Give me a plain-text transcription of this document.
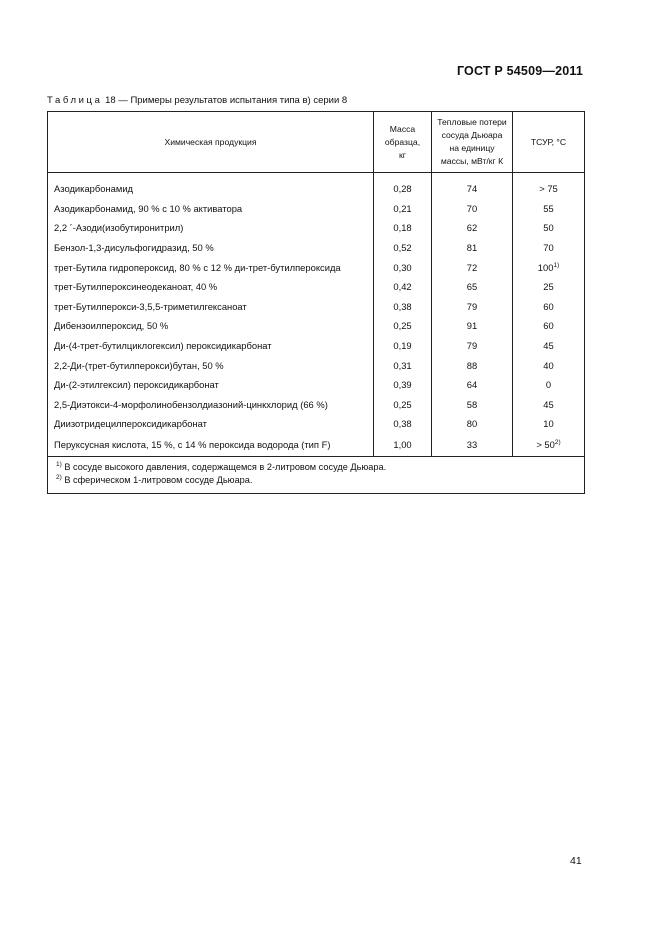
ГОСТ Р 54509—2011
Таблица 18 — Примеры результатов испытания типа в) серии 8
Химическая продукция	Масса образца, кг	Тепловые потери сосуда Дьюара на единицу массы, мВт/кг К	ТСУР, °С

Азодикарбонамид	0,28	74	> 75
Азодикарбонамид, 90 % с 10 % активатора	0,21	70	55
2,2 ´-Азоди(изобутиронитрил)	0,18	62	50
Бензол-1,3-дисульфогидразид, 50 %	0,52	81	70
трет-Бутила гидропероксид, 80 % с 12 % ди-трет-бутилпероксида	0,30	72	100$^{1)}$
трет-Бутилпероксинеодеканоат, 40 %	0,42	65	25
трет-Бутилперокси-3,5,5-триметилгексаноат	0,38	79	60
Дибензоилпероксид, 50 %	0,25	91	60
Ди-(4-трет-бутилциклогексил) пероксидикарбонат	0,19	79	45
2,2-Ди-(трет-бутилперокси)бутан, 50 %	0,31	88	40
Ди-(2-этилгексил) пероксидикарбонат	0,39	64	0
2,5-Диэтокси-4-морфолинобензолдиазоний-цинкхлорид (66 %)	0,25	58	45
Диизотридецилпероксидикарбонат	0,38	80	10
Перуксусная кислота, 15 %, с 14 % пероксида водорода (тип F)	1,00	33	> $50^{2)}$

$^{1)}$ В сосуде высокого давления, содержащемся в 2-литровом сосуде Дьюара.
$^{2)}$ В сферическом 1-литровом сосуде Дьюара.			
41
